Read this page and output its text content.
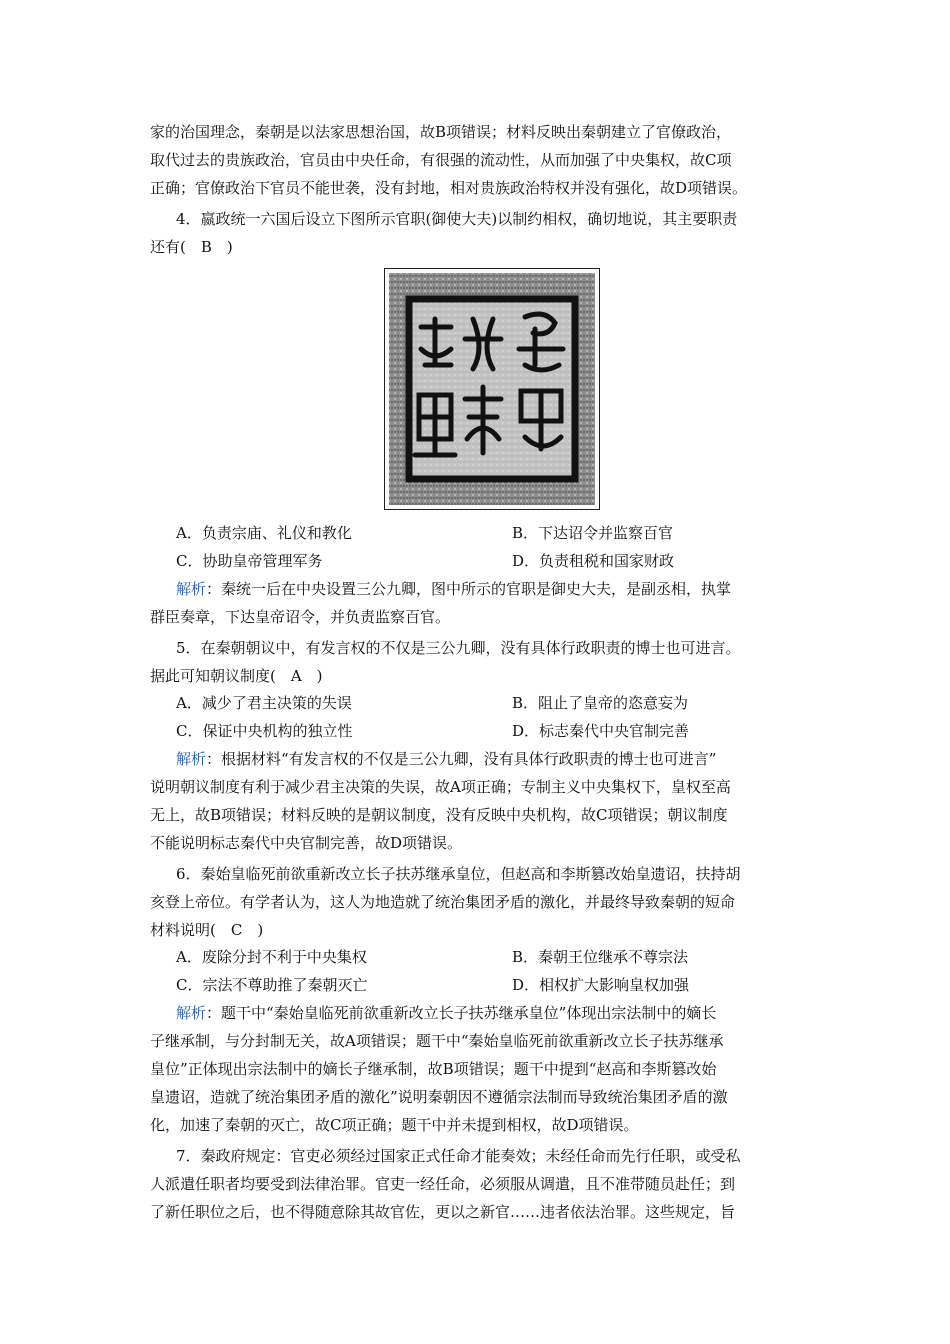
家的治国理念，秦朝是以法家思想治国，故B项错误；材料反映出秦朝建立了官僚政治，
取代过去的贵族政治，官员由中央任命，有很强的流动性，从而加强了中央集权，故C项
正确；官僚政治下官员不能世袭，没有封地，相对贵族政治特权并没有强化，故D项错误。
4．嬴政统一六国后设立下图所示官职(御使大夫)以制约相权，确切地说，其主要职责
还有(　B　)
A．负责宗庙、礼仪和教化	B．下达诏令并监察百官
C．协助皇帝管理军务	D．负责租税和国家财政
解析：秦统一后在中央设置三公九卿，图中所示的官职是御史大夫，是副丞相，执掌
群臣奏章，下达皇帝诏令，并负责监察百官。
5．在秦朝朝议中，有发言权的不仅是三公九卿，没有具体行政职责的博士也可进言。
据此可知朝议制度(　A　)
A．减少了君主决策的失误	B．阻止了皇帝的恣意妄为
C．保证中央机构的独立性	D．标志秦代中央官制完善
解析：根据材料“有发言权的不仅是三公九卿，没有具体行政职责的博士也可进言”
说明朝议制度有利于减少君主决策的失误，故A项正确；专制主义中央集权下，皇权至高
无上，故B项错误；材料反映的是朝议制度，没有反映中央机构，故C项错误；朝议制度
不能说明标志秦代中央官制完善，故D项错误。
6．秦始皇临死前欲重新改立长子扶苏继承皇位，但赵高和李斯篡改始皇遗诏，扶持胡
亥登上帝位。有学者认为，这人为地造就了统治集团矛盾的激化，并最终导致秦朝的短命
材料说明(　C　)
A．废除分封不利于中央集权	B．秦朝王位继承不尊宗法
C．宗法不尊助推了秦朝灭亡	D．相权扩大影响皇权加强
解析：题干中“秦始皇临死前欲重新改立长子扶苏继承皇位”体现出宗法制中的嫡长
子继承制，与分封制无关，故A项错误；题干中“秦始皇临死前欲重新改立长子扶苏继承
皇位”正体现出宗法制中的嫡长子继承制，故B项错误；题干中提到“赵高和李斯篡改始
皇遗诏，造就了统治集团矛盾的激化”说明秦朝因不遵循宗法制而导致统治集团矛盾的激
化，加速了秦朝的灭亡，故C项正确；题干中并未提到相权，故D项错误。
7．秦政府规定：官吏必须经过国家正式任命才能奏效；未经任命而先行任职，或受私
人派遣任职者均要受到法律治罪。官吏一经任命，必须服从调遣，且不准带随员赴任；到
了新任职位之后，也不得随意除其故官佐，更以之新官……违者依法治罪。这些规定，旨
